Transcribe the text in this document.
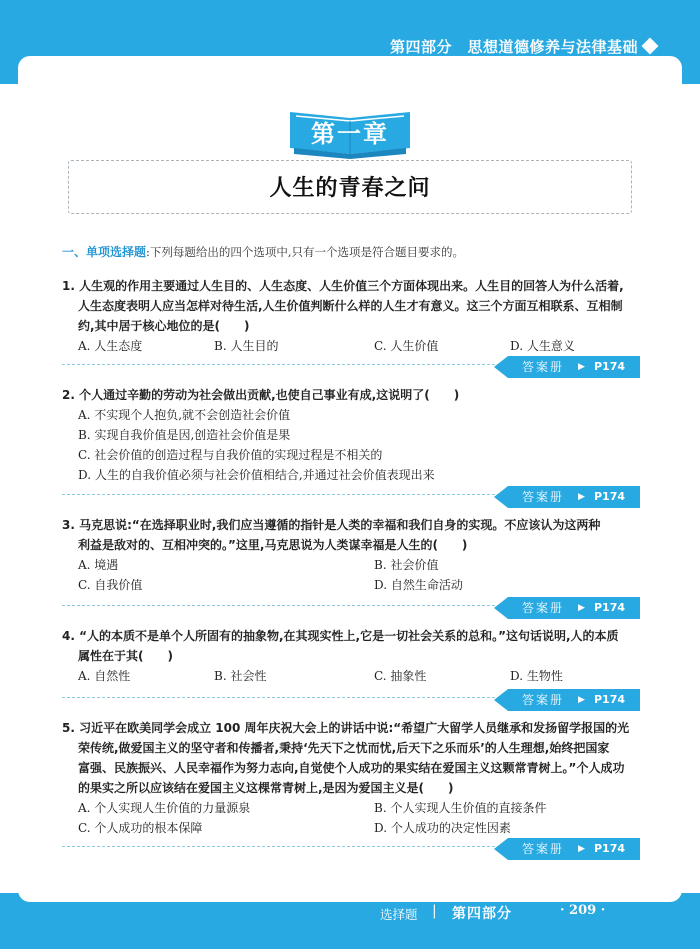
第四部分　思想道德修养与法律基础
第一章
人生的青春之问
一、单项选择题:下列每题给出的四个选项中,只有一个选项是符合题目要求的。
1. 人生观的作用主要通过人生目的、人生态度、人生价值三个方面体现出来。人生目的回答人为什么活着,
人生态度表明人应当怎样对待生活,人生价值判断什么样的人生才有意义。这三个方面互相联系、互相制
约,其中居于核心地位的是(　　)
A. 人生态度	B. 人生目的	C. 人生价值	D. 人生意义
答案册 ▶ P174
2. 个人通过辛勤的劳动为社会做出贡献,也使自己事业有成,这说明了(　　)
A. 不实现个人抱负,就不会创造社会价值
B. 实现自我价值是因,创造社会价值是果
C. 社会价值的创造过程与自我价值的实现过程是不相关的
D. 人生的自我价值必须与社会价值相结合,并通过社会价值表现出来
答案册 ▶ P174
3. 马克思说:“在选择职业时,我们应当遵循的指针是人类的幸福和我们自身的实现。不应该认为这两种
利益是敌对的、互相冲突的。”这里,马克思说为人类谋幸福是人生的(　　)
A. 境遇	B. 社会价值
C. 自我价值	D. 自然生命活动
答案册 ▶ P174
4. “人的本质不是单个人所固有的抽象物,在其现实性上,它是一切社会关系的总和。”这句话说明,人的本质
属性在于其(　　)
A. 自然性	B. 社会性	C. 抽象性	D. 生物性
答案册 ▶ P174
5. 习近平在欧美同学会成立 100 周年庆祝大会上的讲话中说:“希望广大留学人员继承和发扬留学报国的光
荣传统,做爱国主义的坚守者和传播者,秉持‘先天下之忧而忧,后天下之乐而乐’的人生理想,始终把国家
富强、民族振兴、人民幸福作为努力志向,自觉使个人成功的果实结在爱国主义这颗常青树上。”个人成功
的果实之所以应该结在爱国主义这棵常青树上,是因为爱国主义是(　　)
A. 个人实现人生价值的力量源泉	B. 个人实现人生价值的直接条件
C. 个人成功的根本保障	D. 个人成功的决定性因素
答案册 ▶ P174
选择题 | 第四部分	· 209 ·
